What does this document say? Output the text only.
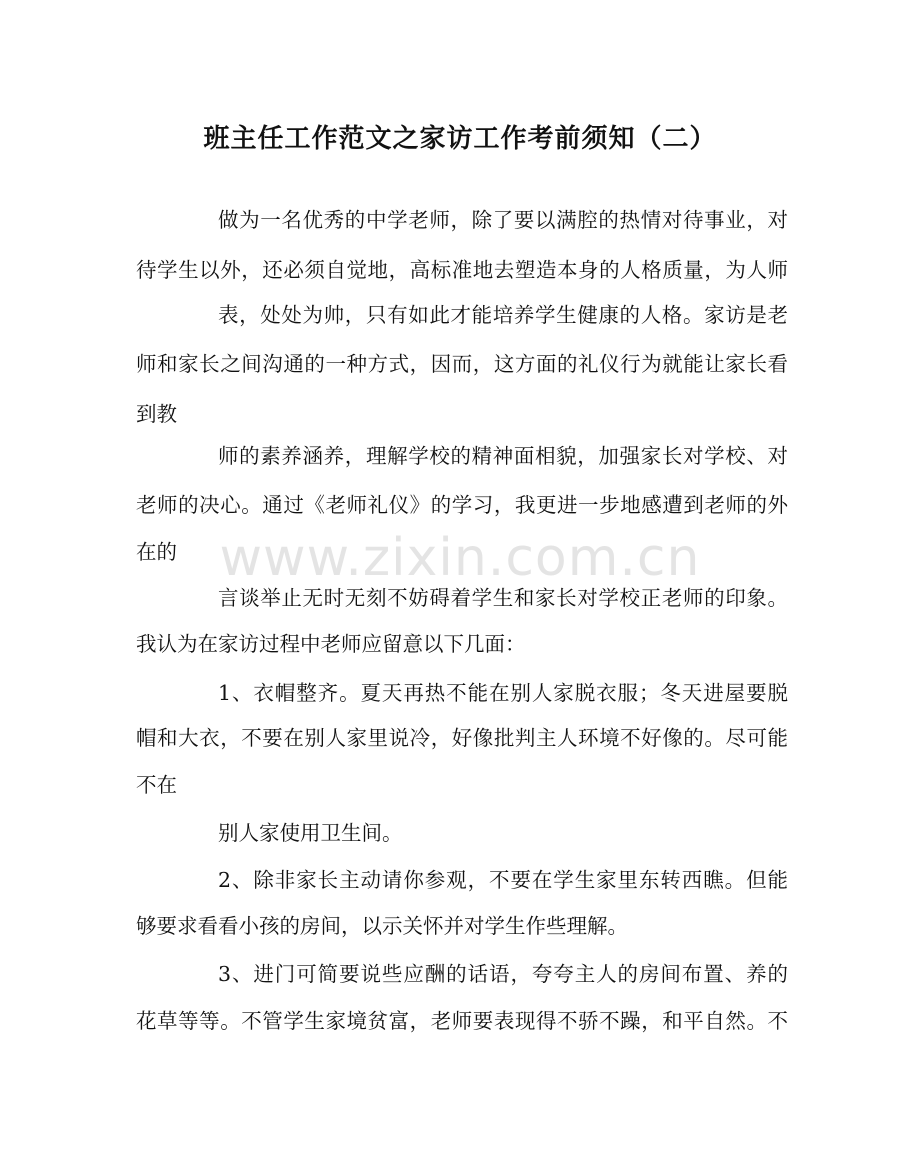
班主任工作范文之家访工作考前须知（二）
做为一名优秀的中学老师，除了要以满腔的热情对待事业，对
待学生以外，还必须自觉地，高标准地去塑造本身的人格质量，为人师
表，处处为帅，只有如此才能培养学生健康的人格。家访是老
师和家长之间沟通的一种方式，因而，这方面的礼仪行为就能让家长看
到教
师的素养涵养，理解学校的精神面相貌，加强家长对学校、对
老师的决心。通过《老师礼仪》的学习，我更进一步地感遭到老师的外
在的
言谈举止无时无刻不妨碍着学生和家长对学校正老师的印象。
我认为在家访过程中老师应留意以下几面：
1、衣帽整齐。夏天再热不能在别人家脱衣服；冬天进屋要脱
帽和大衣，不要在别人家里说冷，好像批判主人环境不好像的。尽可能
不在
别人家使用卫生间。
2、除非家长主动请你参观，不要在学生家里东转西瞧。但能
够要求看看小孩的房间，以示关怀并对学生作些理解。
3、进门可简要说些应酬的话语，夸夸主人的房间布置、养的
花草等等。不管学生家境贫富，老师要表现得不骄不躁，和平自然。不
www.zixin.com.cn
